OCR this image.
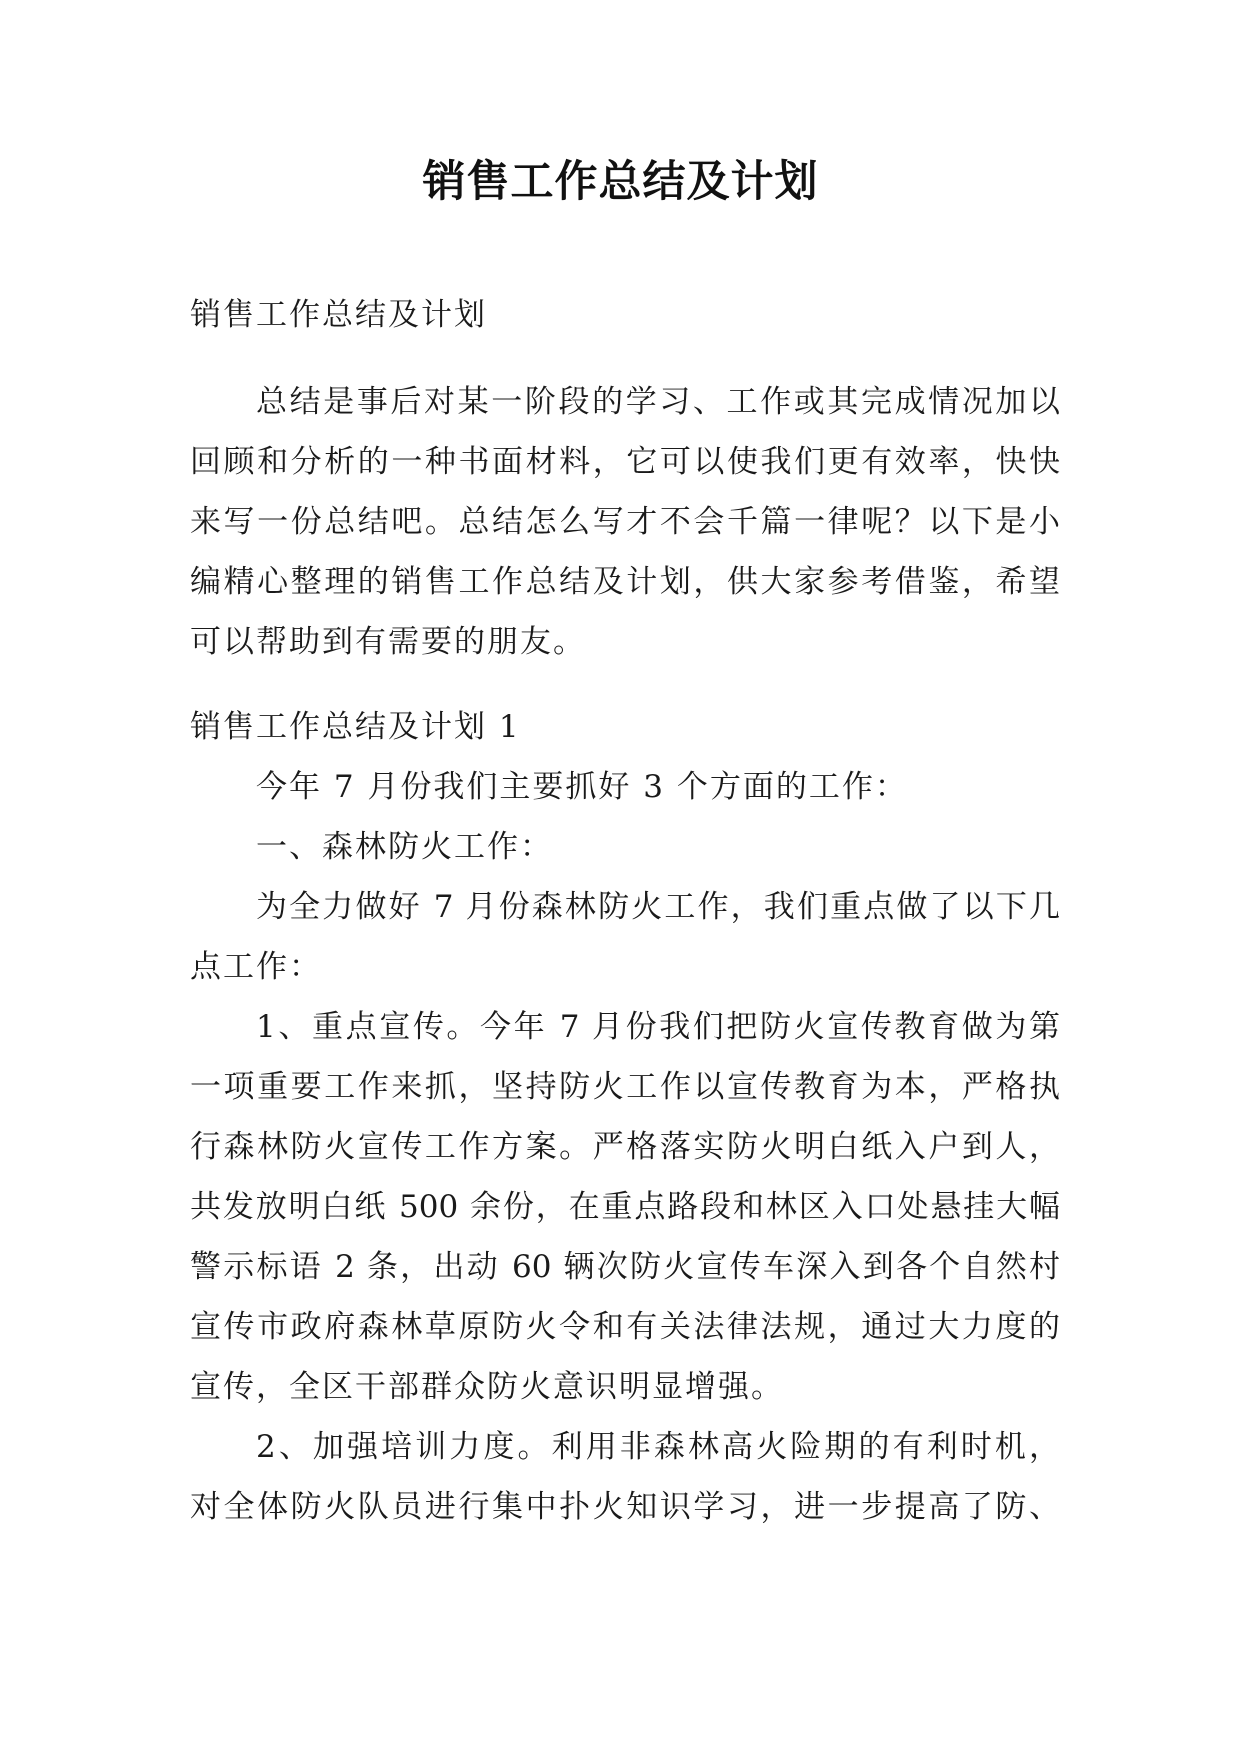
销售工作总结及计划
销售工作总结及计划
总结是事后对某一阶段的学习、工作或其完成情况加以
回顾和分析的一种书面材料，它可以使我们更有效率，快快
来写一份总结吧。总结怎么写才不会千篇一律呢？以下是小
编精心整理的销售工作总结及计划，供大家参考借鉴，希望
可以帮助到有需要的朋友。
销售工作总结及计划 1
今年 7 月份我们主要抓好 3 个方面的工作：
一、森林防火工作：
为全力做好 7 月份森林防火工作，我们重点做了以下几
点工作：
1、重点宣传。今年 7 月份我们把防火宣传教育做为第
一项重要工作来抓，坚持防火工作以宣传教育为本，严格执
行森林防火宣传工作方案。严格落实防火明白纸入户到人，
共发放明白纸 500 余份，在重点路段和林区入口处悬挂大幅
警示标语 2 条，出动 60 辆次防火宣传车深入到各个自然村
宣传市政府森林草原防火令和有关法律法规，通过大力度的
宣传，全区干部群众防火意识明显增强。
2、加强培训力度。利用非森林高火险期的有利时机，
对全体防火队员进行集中扑火知识学习，进一步提高了防、
